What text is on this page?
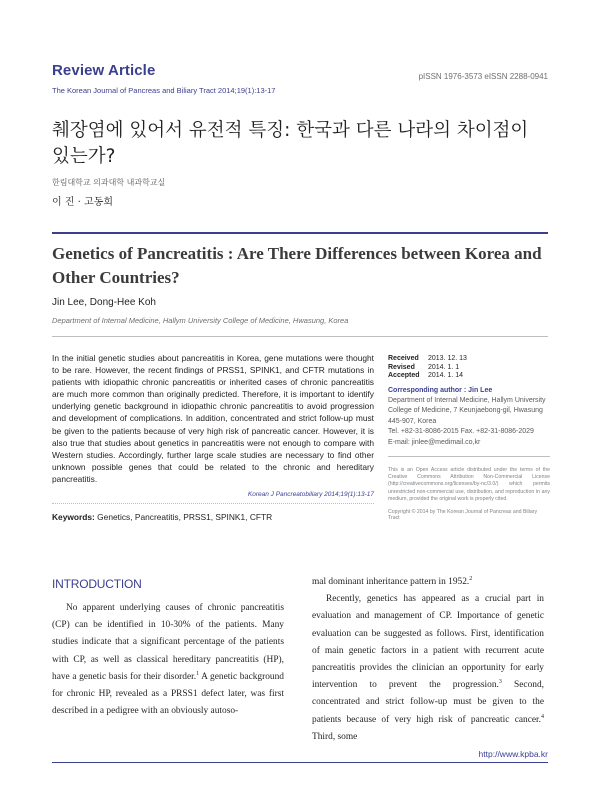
Review Article
The Korean Journal of Pancreas and Biliary Tract 2014;19(1):13-17
pISSN 1976-3573 eISSN 2288-0941
췌장염에 있어서 유전적 특징: 한국과 다른 나라의 차이점이 있는가?
한림대학교 의과대학 내과학교실
이 진 · 고동희
Genetics of Pancreatitis : Are There Differences between Korea and Other Countries?
Jin Lee, Dong-Hee Koh
Department of Internal Medicine, Hallym University College of Medicine, Hwasung, Korea

In the initial genetic studies about pancreatitis in Korea, gene mutations were thought to be rare. However, the recent findings of PRSS1, SPINK1, and CFTR mutations in patients with idiopathic chronic pancreatitis or inherited cases of chronic pancreatitis are much more common than originally predicted. Therefore, it is important to identify underlying genetic background in idiopathic chronic pancreatitis to avoid progression and development of complications. In addition, concentrated and strict follow-up must be given to the patients because of very high risk of pancreatic cancer. However, it is also true that studies about genetics in pancreatitis were not enough to compare with Western studies. Accordingly, further large scale studies are necessary to find other unknown possible genes that could be related to the chronic and hereditary pancreatitis.

Korean J Pancreatobiliary 2014;19(1):13-17
Keywords: Genetics, Pancreatitis, PRSS1, SPINK1, CFTR
Received	2013. 12. 13
Revised	2014. 1. 1
Accepted	2014. 1. 14
Corresponding author : Jin Lee
Department of Internal Medicine, Hallym University
College of Medicine, 7 Keunjaebong-gil, Hwasung
445-907, Korea
Tel. +82-31-8086-2015 Fax. +82-31-8086-2029
E-mail: jinlee@medimail.co,kr
This is an Open Access article distributed under the terms of the Creative Commons Attribution Non-Commercial License (http://creativecommons.org/licenses/by-nc/3.0/) which permits unrestricted non-commercial use, distribution, and reproduction in any medium, provided the original work is properly cited.
Copyright © 2014 by The Korean Journal of Pancreas and Biliary Tract
INTRODUCTION

No apparent underlying causes of chronic pancreatitis (CP) can be identified in 10-30% of the patients. Many studies indicate that a significant percentage of the patients with CP, as well as classical hereditary pancreatitis (HP), have a genetic basis for their disorder.$^1$ A genetic background for chronic HP, revealed as a PRSS1 defect later, was first described in a pedigree with an obviously autoso-

mal dominant inheritance pattern in 1952.$^2$

Recently, genetics has appeared as a crucial part in evaluation and management of CP. Importance of genetic evaluation can be suggested as follows. First, identification of main genetic factors in a patient with recurrent acute pancreatitis provides the clinician an opportunity for early intervention to prevent the progression.$^3$ Second, concentrated and strict follow-up must be given to the patients because of very high risk of pancreatic cancer.$^4$ Third, some

http://www.kpba.kr
